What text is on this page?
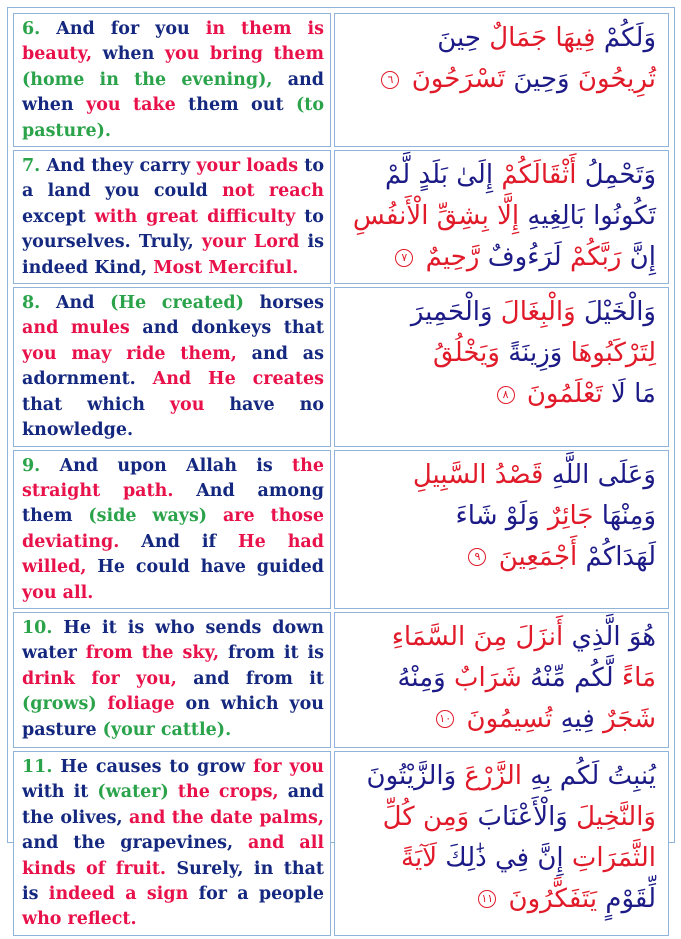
6. And for you in them is beauty, when you bring them (home in the evening), and when you take them out (to pasture).	وَلَكُمْ فِيهَا جَمَالٌ حِينَ
تُرِيحُونَ وَحِينَ تَسْرَحُونَ ٦

7. And they carry your loads to a land you could not reach except with great difficulty to yourselves. Truly, your Lord is indeed Kind, Most Merciful.	وَتَحْمِلُ أَثْقَالَكُمْ إِلَىٰ بَلَدٍ لَّمْ
تَكُونُوا بَالِغِيهِ إِلَّا بِشِقِّ الْأَنفُسِ
إِنَّ رَبَّكُمْ لَرَءُوفٌ رَّحِيمٌ ٧

8. And (He created) horses and mules and donkeys that you may ride them, and as adornment. And He creates that which you have no knowledge.	وَالْخَيْلَ وَالْبِغَالَ وَالْحَمِيرَ
لِتَرْكَبُوهَا وَزِينَةً وَيَخْلُقُ
مَا لَا تَعْلَمُونَ ٨

9. And upon Allah is the straight path. And among them (side ways) are those deviating. And if He had willed, He could have guided you all.	وَعَلَى اللَّهِ قَصْدُ السَّبِيلِ
وَمِنْهَا جَائِرٌ وَلَوْ شَاءَ
لَهَدَاكُمْ أَجْمَعِينَ ٩

10. He it is who sends down water from the sky, from it is drink for you, and from it (grows) foliage on which you pasture (your cattle).	هُوَ الَّذِي أَنزَلَ مِنَ السَّمَاءِ
مَاءً لَّكُم مِّنْهُ شَرَابٌ وَمِنْهُ
شَجَرٌ فِيهِ تُسِيمُونَ ١٠

11. He causes to grow for you with it (water) the crops, and the olives, and the date palms, and the grapevines, and all kinds of fruit. Surely, in that is indeed a sign for a people who reflect.	يُنبِتُ لَكُم بِهِ الزَّرْعَ وَالزَّيْتُونَ
وَالنَّخِيلَ وَالْأَعْنَابَ وَمِن كُلِّ
الثَّمَرَاتِ إِنَّ فِي ذَٰلِكَ لَآيَةً
لِّقَوْمٍ يَتَفَكَّرُونَ ١١
